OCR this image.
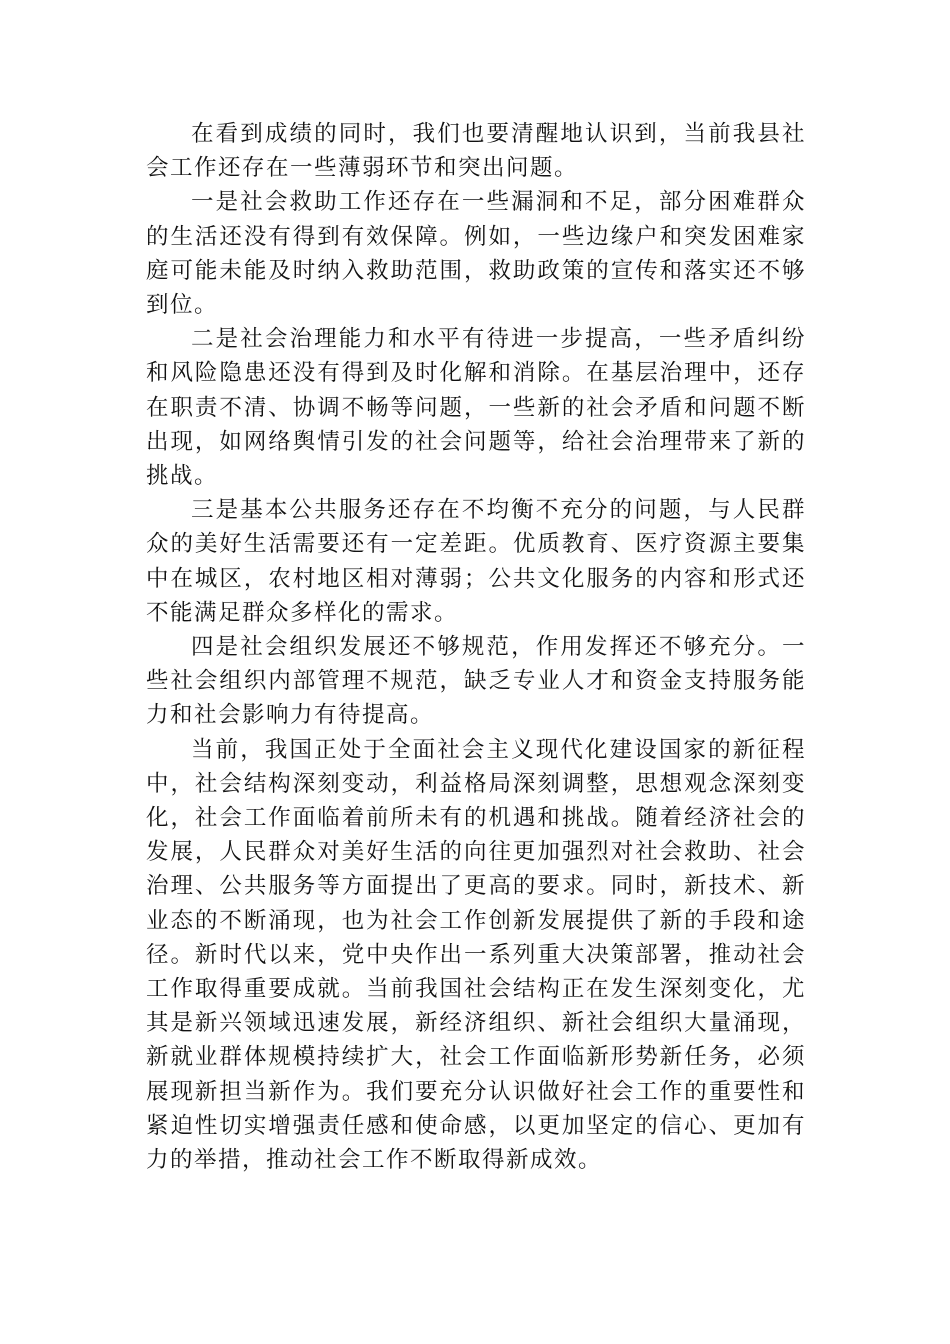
在看到成绩的同时，我们也要清醒地认识到，当前我县社会工作还存在一些薄弱环节和突出问题。

一是社会救助工作还存在一些漏洞和不足，部分困难群众的生活还没有得到有效保障。例如，一些边缘户和突发困难家庭可能未能及时纳入救助范围，救助政策的宣传和落实还不够到位。

二是社会治理能力和水平有待进一步提高，一些矛盾纠纷和风险隐患还没有得到及时化解和消除。在基层治理中，还存在职责不清、协调不畅等问题，一些新的社会矛盾和问题不断出现，如网络舆情引发的社会问题等，给社会治理带来了新的挑战。

三是基本公共服务还存在不均衡不充分的问题，与人民群众的美好生活需要还有一定差距。优质教育、医疗资源主要集中在城区，农村地区相对薄弱；公共文化服务的内容和形式还不能满足群众多样化的需求。

四是社会组织发展还不够规范，作用发挥还不够充分。一些社会组织内部管理不规范，缺乏专业人才和资金支持服务能力和社会影响力有待提高。

当前，我国正处于全面社会主义现代化建设国家的新征程中，社会结构深刻变动，利益格局深刻调整，思想观念深刻变化，社会工作面临着前所未有的机遇和挑战。随着经济社会的发展，人民群众对美好生活的向往更加强烈对社会救助、社会治理、公共服务等方面提出了更高的要求。同时，新技术、新业态的不断涌现，也为社会工作创新发展提供了新的手段和途径。新时代以来，党中央作出一系列重大决策部署，推动社会工作取得重要成就。当前我国社会结构正在发生深刻变化，尤其是新兴领域迅速发展，新经济组织、新社会组织大量涌现，新就业群体规模持续扩大，社会工作面临新形势新任务，必须展现新担当新作为。我们要充分认识做好社会工作的重要性和紧迫性切实增强责任感和使命感，以更加坚定的信心、更加有力的举措，推动社会工作不断取得新成效。
